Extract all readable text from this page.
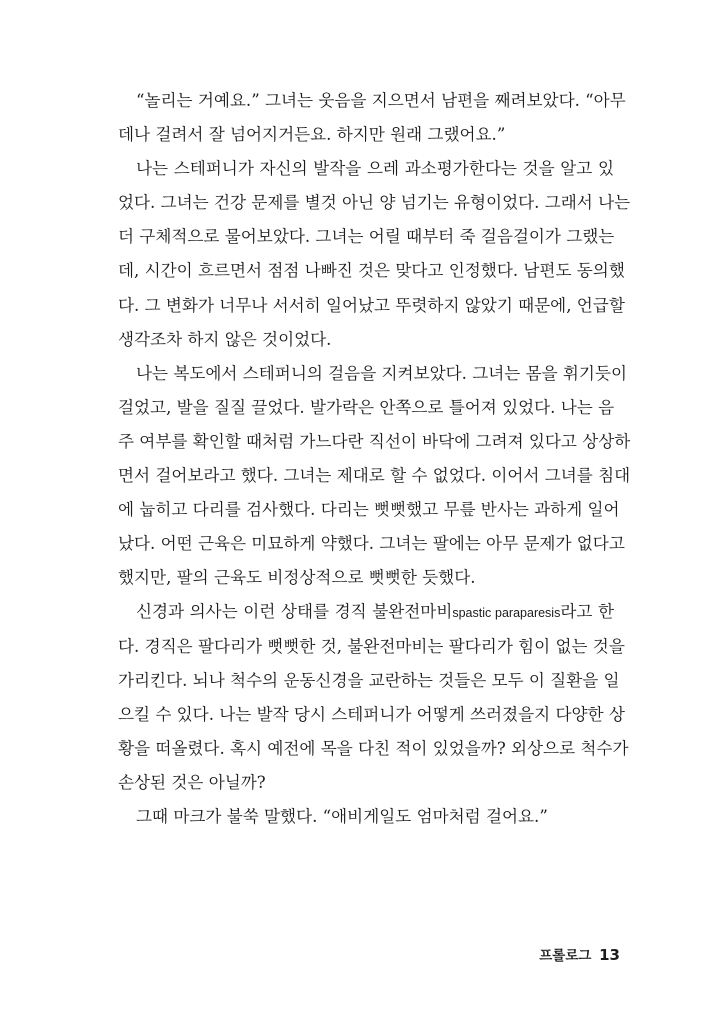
“놀리는 거예요.” 그녀는 웃음을 지으면서 남편을 째려보았다. “아무
데나 걸려서 잘 넘어지거든요. 하지만 원래 그랬어요.”
나는 스테퍼니가 자신의 발작을 으레 과소평가한다는 것을 알고 있
었다. 그녀는 건강 문제를 별것 아닌 양 넘기는 유형이었다. 그래서 나는
더 구체적으로 물어보았다. 그녀는 어릴 때부터 죽 걸음걸이가 그랬는
데, 시간이 흐르면서 점점 나빠진 것은 맞다고 인정했다. 남편도 동의했
다. 그 변화가 너무나 서서히 일어났고 뚜렷하지 않았기 때문에, 언급할
생각조차 하지 않은 것이었다.
나는 복도에서 스테퍼니의 걸음을 지켜보았다. 그녀는 몸을 휘기듯이
걸었고, 발을 질질 끌었다. 발가락은 안쪽으로 틀어져 있었다. 나는 음
주 여부를 확인할 때처럼 가느다란 직선이 바닥에 그려져 있다고 상상하
면서 걸어보라고 했다. 그녀는 제대로 할 수 없었다. 이어서 그녀를 침대
에 눕히고 다리를 검사했다. 다리는 뻣뻣했고 무릎 반사는 과하게 일어
났다. 어떤 근육은 미묘하게 약했다. 그녀는 팔에는 아무 문제가 없다고
했지만, 팔의 근육도 비정상적으로 뻣뻣한 듯했다.
신경과 의사는 이런 상태를 경직 불완전마비spastic paraparesis라고 한
다. 경직은 팔다리가 뻣뻣한 것, 불완전마비는 팔다리가 힘이 없는 것을
가리킨다. 뇌나 척수의 운동신경을 교란하는 것들은 모두 이 질환을 일
으킬 수 있다. 나는 발작 당시 스테퍼니가 어떻게 쓰러졌을지 다양한 상
황을 떠올렸다. 혹시 예전에 목을 다친 적이 있었을까? 외상으로 척수가
손상된 것은 아닐까?
그때 마크가 불쑥 말했다. “애비게일도 엄마처럼 걸어요.”
프롤로그 13
